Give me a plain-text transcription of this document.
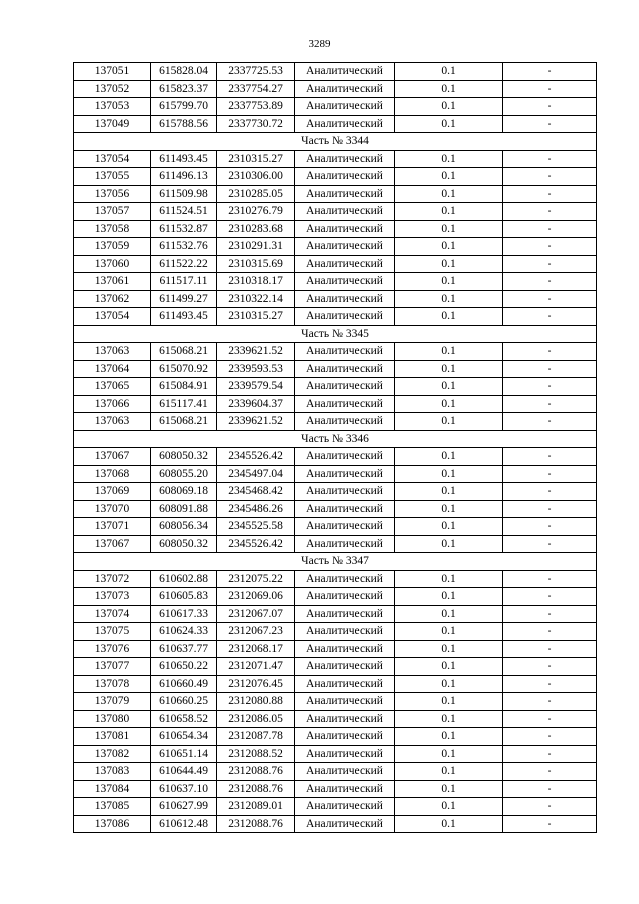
3289
137051	615828.04	2337725.53	Аналитический	0.1	-
137052	615823.37	2337754.27	Аналитический	0.1	-
137053	615799.70	2337753.89	Аналитический	0.1	-
137049	615788.56	2337730.72	Аналитический	0.1	-
Часть № 3344					
137054	611493.45	2310315.27	Аналитический	0.1	-
137055	611496.13	2310306.00	Аналитический	0.1	-
137056	611509.98	2310285.05	Аналитический	0.1	-
137057	611524.51	2310276.79	Аналитический	0.1	-
137058	611532.87	2310283.68	Аналитический	0.1	-
137059	611532.76	2310291.31	Аналитический	0.1	-
137060	611522.22	2310315.69	Аналитический	0.1	-
137061	611517.11	2310318.17	Аналитический	0.1	-
137062	611499.27	2310322.14	Аналитический	0.1	-
137054	611493.45	2310315.27	Аналитический	0.1	-
Часть № 3345					
137063	615068.21	2339621.52	Аналитический	0.1	-
137064	615070.92	2339593.53	Аналитический	0.1	-
137065	615084.91	2339579.54	Аналитический	0.1	-
137066	615117.41	2339604.37	Аналитический	0.1	-
137063	615068.21	2339621.52	Аналитический	0.1	-
Часть № 3346					
137067	608050.32	2345526.42	Аналитический	0.1	-
137068	608055.20	2345497.04	Аналитический	0.1	-
137069	608069.18	2345468.42	Аналитический	0.1	-
137070	608091.88	2345486.26	Аналитический	0.1	-
137071	608056.34	2345525.58	Аналитический	0.1	-
137067	608050.32	2345526.42	Аналитический	0.1	-
Часть № 3347					
137072	610602.88	2312075.22	Аналитический	0.1	-
137073	610605.83	2312069.06	Аналитический	0.1	-
137074	610617.33	2312067.07	Аналитический	0.1	-
137075	610624.33	2312067.23	Аналитический	0.1	-
137076	610637.77	2312068.17	Аналитический	0.1	-
137077	610650.22	2312071.47	Аналитический	0.1	-
137078	610660.49	2312076.45	Аналитический	0.1	-
137079	610660.25	2312080.88	Аналитический	0.1	-
137080	610658.52	2312086.05	Аналитический	0.1	-
137081	610654.34	2312087.78	Аналитический	0.1	-
137082	610651.14	2312088.52	Аналитический	0.1	-
137083	610644.49	2312088.76	Аналитический	0.1	-
137084	610637.10	2312088.76	Аналитический	0.1	-
137085	610627.99	2312089.01	Аналитический	0.1	-
137086	610612.48	2312088.76	Аналитический	0.1	-
